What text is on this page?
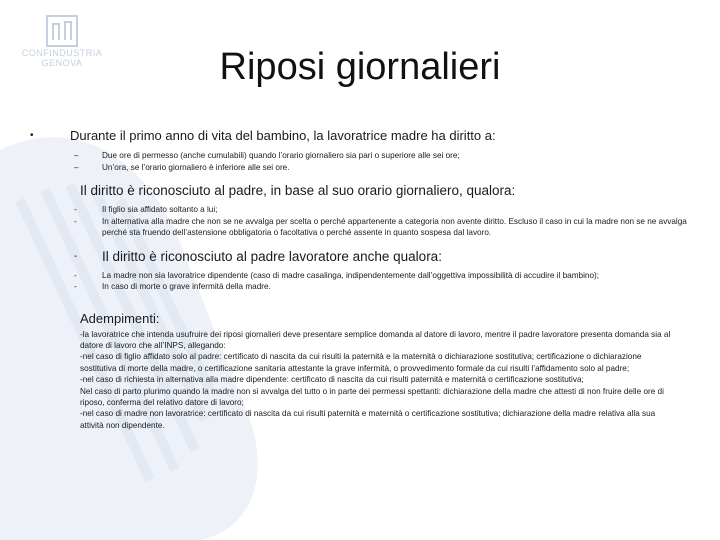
CONFINDUSTRIA
GENOVA	Riposi giornalieri
•	Durante il primo anno di vita del bambino, la lavoratrice madre ha diritto a:
–	Due ore di permesso (anche cumulabili) quando l’orario giornaliero sia pari o superiore alle sei ore;
–	Un’ora, se l’orario giornaliero è inferiore alle sei ore.
Il diritto è riconosciuto al padre, in base al suo orario giornaliero, qualora:
-	Il figlio sia affidato soltanto a lui;
-	In alternativa alla madre che non se ne avvalga per scelta o perché appartenente a categoria non avente diritto. Escluso il caso in cui la madre non se ne avvalga perché sta fruendo dell’astensione obbligatoria o facoltativa o perché assente in quanto sospesa dal lavoro.
- Il diritto è riconosciuto al padre lavoratore anche qualora:
-	La madre non sia lavoratrice dipendente (caso di madre casalinga, indipendentemente dall’oggettiva impossibilità di accudire il bambino);
-	In caso di morte o grave infermità della madre.
Adempimenti:
-la lavoratrice che intenda usufruire dei riposi giornalieri deve presentare semplice domanda al datore di lavoro, mentre il padre lavoratore presenta domanda sia al datore di lavoro che all’INPS, allegando:
-nel caso di figlio affidato solo al padre: certificato di nascita da cui risulti la paternità e la maternità o dichiarazione sostitutiva; certificazione o dichiarazione sostitutiva di morte della madre, o certificazione sanitaria attestante la grave infermità, o provvedimento formale da cui risulti l’affidamento solo al padre;
-nel caso di richiesta in alternativa alla madre dipendente: certificato di nascita da cui risulti paternità e maternità o certificazione sostitutiva;
Nel caso di parto plurimo quando la madre non si avvalga del tutto o in parte dei permessi spettanti: dichiarazione della madre che attesti di non fruire delle ore di riposo, conferma del relativo datore di lavoro;
-nel caso di madre non lavoratrice: certificato di nascita da cui risulti paternità e maternità o certificazione sostitutiva; dichiarazione della madre relativa alla sua attività non dipendente.
